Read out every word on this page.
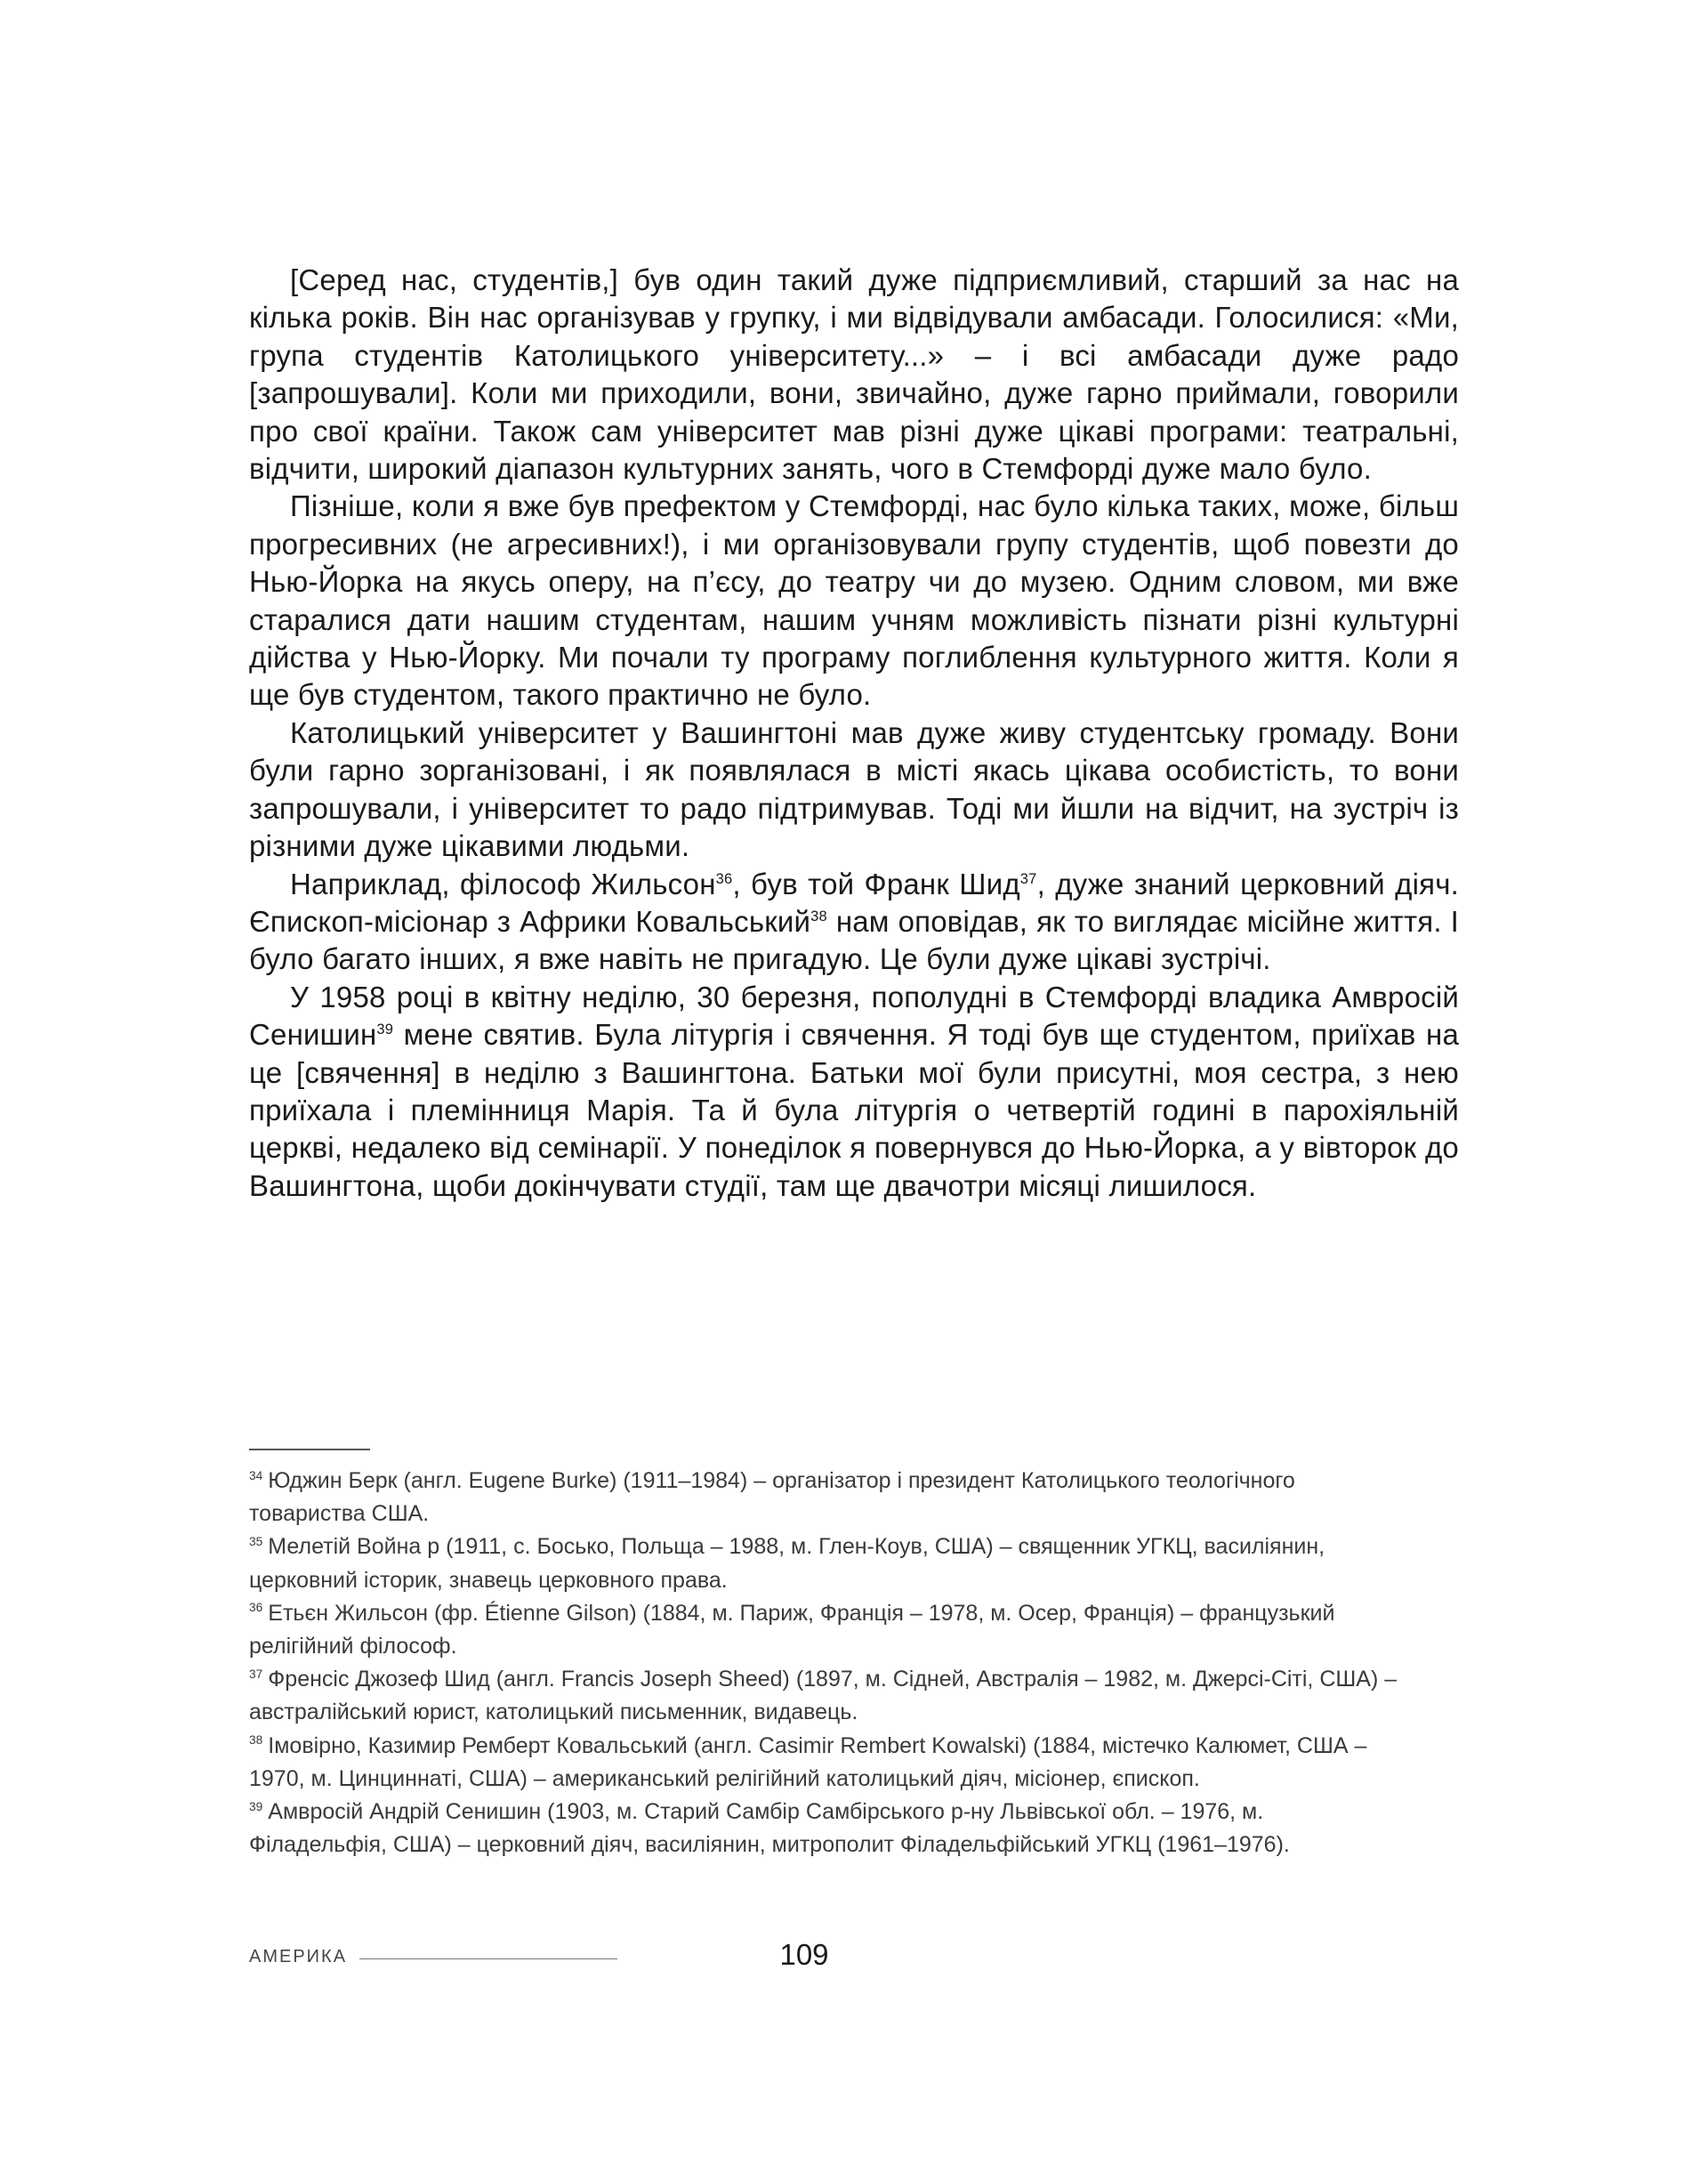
[Серед нас, студентів,] був один такий дуже підприємливий, старший за нас на кілька років. Він нас організував у групку, і ми відвідували амбасади. Голосилися: «Ми, група студентів Католицького університету...» – і всі амбасади дуже радо [запрошували]. Коли ми приходили, вони, звичайно, дуже гарно приймали, говорили про свої країни. Також сам університет мав різні дуже цікаві програми: театральні, відчити, широкий діапазон культурних занять, чого в Стемфорді дуже мало було.

Пізніше, коли я вже був префектом у Стемфорді, нас було кілька таких, може, більш прогресивних (не агресивних!), і ми організовували групу студентів, щоб повезти до Нью-Йорка на якусь оперу, на п’єсу, до театру чи до музею. Одним словом, ми вже старалися дати нашим студентам, нашим учням можливість пізнати різні культурні дійства у Нью-Йорку. Ми почали ту програму поглиблення культурного життя. Коли я ще був студентом, такого практично не було.

Католицький університет у Вашингтоні мав дуже живу студентську громаду. Вони були гарно зорганізовані, і як появлялася в місті якась цікава особистість, то вони запрошували, і університет то радо підтримував. Тоді ми йшли на відчит, на зустріч із різними дуже цікавими людьми.

Наприклад, філософ Жильсон$^{36}$, був той Франк Шид$^{37}$, дуже знаний церковний діяч. Єпископ-місіонар з Африки Ковальський$^{38}$ нам оповідав, як то виглядає місійне життя. І було багато інших, я вже навіть не пригадую. Це були дуже цікаві зустрічі.

У 1958 році в квітну неділю, 30 березня, пополудні в Стемфорді владика Амвросій Сенишин$^{39}$ мене святив. Була літургія і свячення. Я тоді був ще студентом, приїхав на це [свячення] в неділю з Вашингтона. Батьки мої були присутні, моя сестра, з нею приїхала і племінниця Марія. Та й була літургія о четвертій годині в парохіяльній церкві, недалеко від семінарії. У понеділок я повернувся до Нью-Йорка, а у вівторок до Вашингтона, щоби докінчувати студії, там ще двачотри місяці лишилося.

$^{34}$ Юджин Берк (англ. Eugene Burke) (1911–1984) – організатор і президент Католицького теологічного товариства США.

$^{35}$ Мелетій Война р (1911, с. Босько, Польща – 1988, м. Глен-Коув, США) – священник УГКЦ, василіянин, церковний історик, знавець церковного права.

$^{36}$ Етьєн Жильсон (фр. Étienne Gilson) (1884, м. Париж, Франція – 1978, м. Осер, Франція) – французький релігійний філософ.

$^{37}$ Френсіс Джозеф Шид (англ. Francis Joseph Sheed) (1897, м. Сідней, Австралія – 1982, м. Джерсі-Сіті, США) – австралійський юрист, католицький письменник, видавець.

$^{38}$ Імовірно, Казимир Ремберт Ковальський (англ. Casimir Rembert Kowalski) (1884, містечко Калюмет, США – 1970, м. Цинциннаті, США) – американський релігійний католицький діяч, місіонер, єпископ.

$^{39}$ Амвросій Андрій Сенишин (1903, м. Старий Самбір Самбірського р-ну Львівської обл. – 1976, м. Філадельфія, США) – церковний діяч, василіянин, митрополит Філадельфійський УГКЦ (1961–1976).

АМЕРИКА	109
